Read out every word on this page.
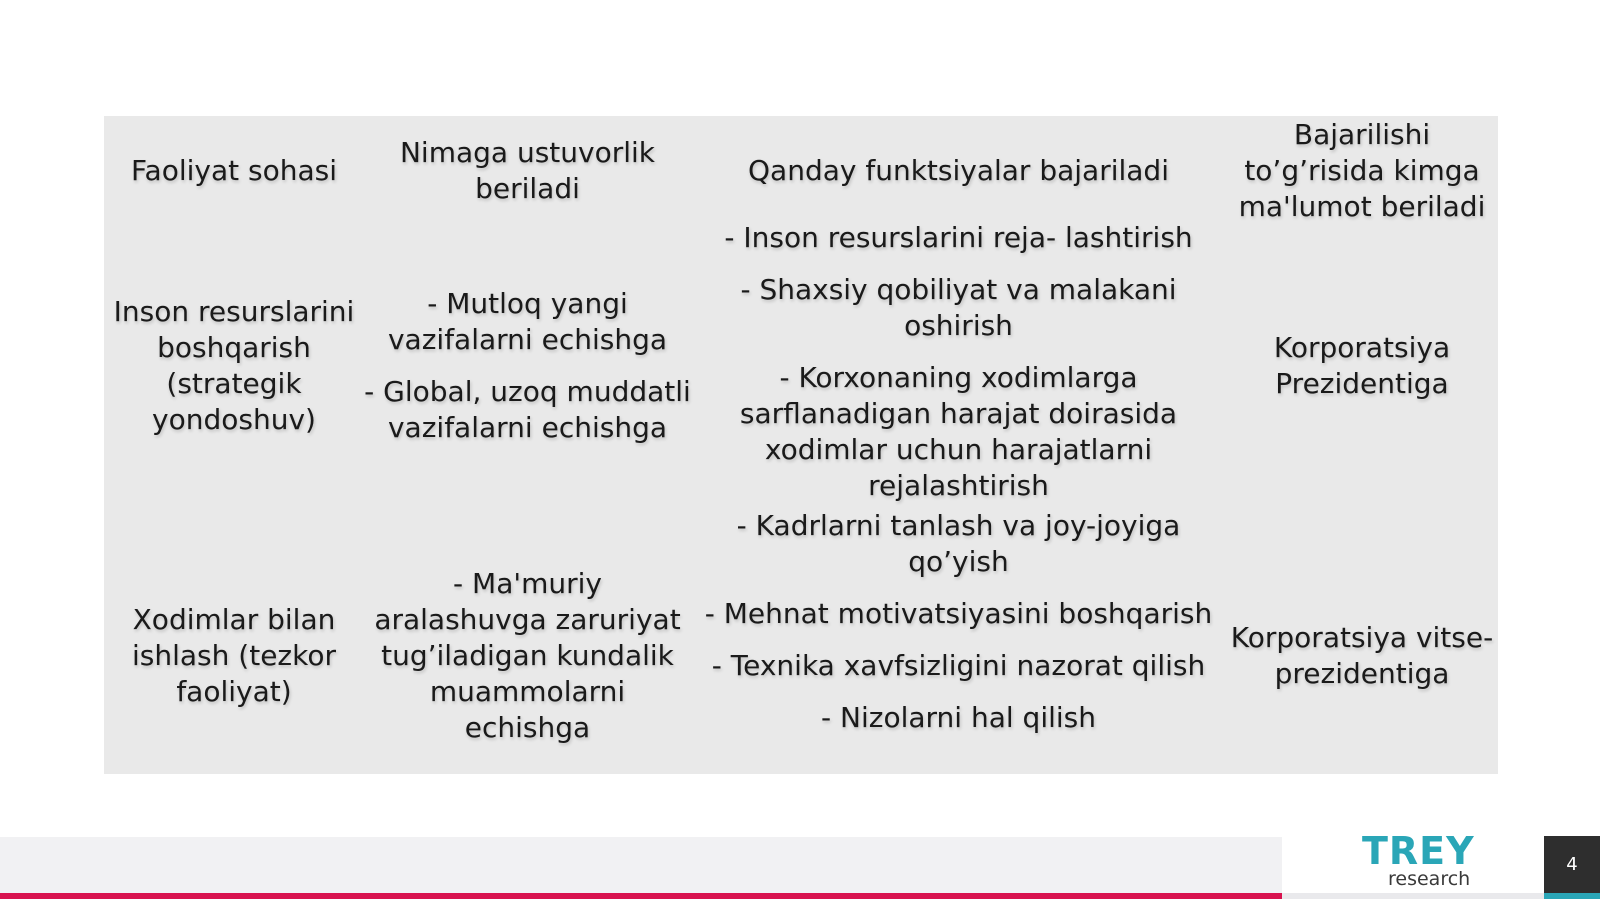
Faoliyat sohasi

Nimaga ustuvorlik beriladi

Qanday funktsiyalar bajariladi

Bajarilishi to’g’risida kimga ma'lumot beriladi

Inson resurslarini boshqarish (strategik yondoshuv)

- Mutloq yangi vazifalarni echishga

- Global, uzoq muddatli vazifalarni echishga

- Inson resurslarini reja- lashtirish

- Shaxsiy qobiliyat va malakani oshirish

- Korxonaning xodimlarga sarflanadigan harajat doirasida xodimlar uchun harajatlarni rejalashtirish

Korporatsiya Prezidentiga

Xodimlar bilan ishlash (tezkor faoliyat)

- Ma'muriy aralashuvga zaruriyat tug’iladigan kundalik muammolarni echishga

- Kadrlarni tanlash va joy-joyiga qo’yish

- Mehnat motivatsiyasini boshqarish

- Texnika xavfsizligini nazorat qilish

- Nizolarni hal qilish

Korporatsiya vitse-prezidentiga

TREY
research
4
